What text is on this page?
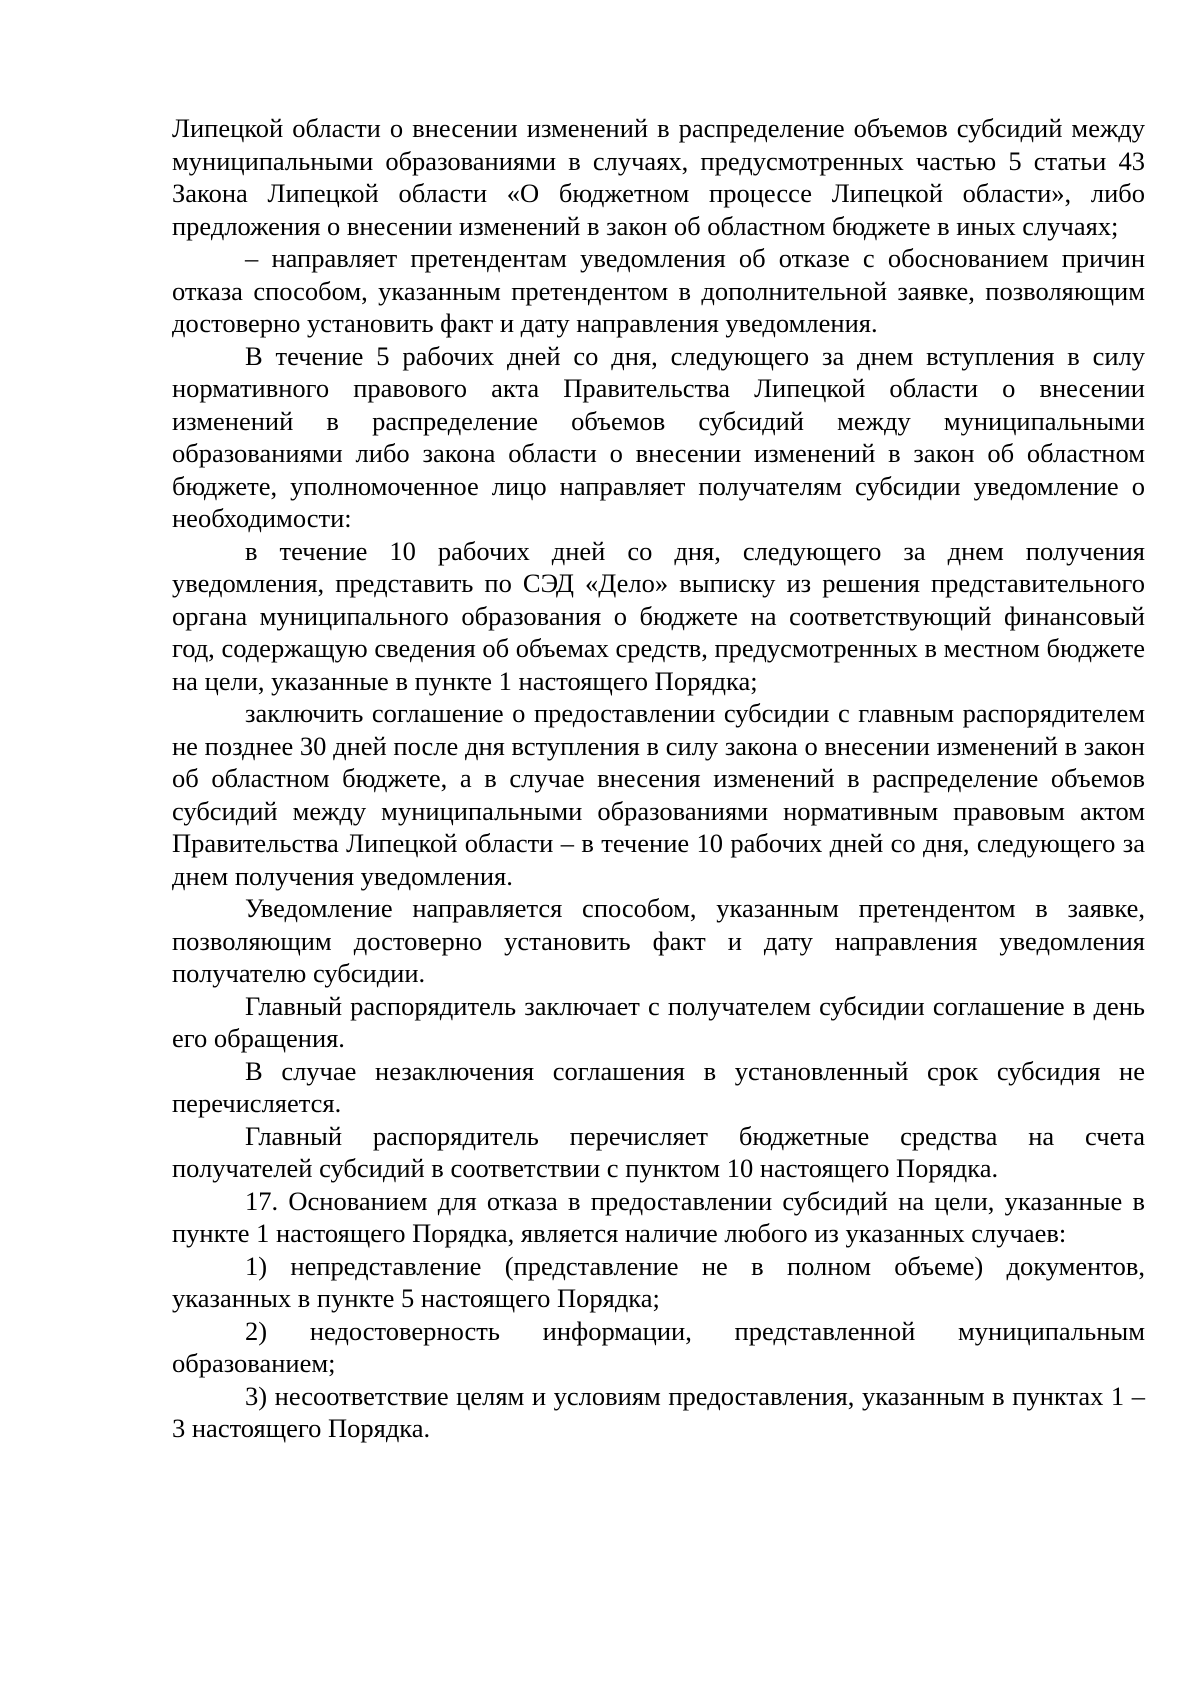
Липецкой области о внесении изменений в распределение объемов субсидий между муниципальными образованиями в случаях, предусмотренных частью 5 статьи 43 Закона Липецкой области «О бюджетном процессе Липецкой области», либо предложения о внесении изменений в закон об областном бюджете в иных случаях;

– направляет претендентам уведомления об отказе с обоснованием причин отказа способом, указанным претендентом в дополнительной заявке, позволяющим достоверно установить факт и дату направления уведомления.

В течение 5 рабочих дней со дня, следующего за днем вступления в силу нормативного правового акта Правительства Липецкой области о внесении изменений в распределение объемов субсидий между муниципальными образованиями либо закона области о внесении изменений в закон об областном бюджете, уполномоченное лицо направляет получателям субсидии уведомление о необходимости:

в течение 10 рабочих дней со дня, следующего за днем получения уведомления, представить по СЭД «Дело» выписку из решения представительного органа муниципального образования о бюджете на соответствующий финансовый год, содержащую сведения об объемах средств, предусмотренных в местном бюджете на цели, указанные в пункте 1 настоящего Порядка;

заключить соглашение о предоставлении субсидии с главным распорядителем не позднее 30 дней после дня вступления в силу закона о внесении изменений в закон об областном бюджете, а в случае внесения изменений в распределение объемов субсидий между муниципальными образованиями нормативным правовым актом Правительства Липецкой области – в течение 10 рабочих дней со дня, следующего за днем получения уведомления.

Уведомление направляется способом, указанным претендентом в заявке, позволяющим достоверно установить факт и дату направления уведомления получателю субсидии.

Главный распорядитель заключает с получателем субсидии соглашение в день его обращения.

В случае незаключения соглашения в установленный срок субсидия не перечисляется.

Главный распорядитель перечисляет бюджетные средства на счета получателей субсидий в соответствии с пунктом 10 настоящего Порядка.

17. Основанием для отказа в предоставлении субсидий на цели, указанные в пункте 1 настоящего Порядка, является наличие любого из указанных случаев:

1) непредставление (представление не в полном объеме) документов, указанных в пункте 5 настоящего Порядка;

2) недостоверность информации, представленной муниципальным образованием;

3) несоответствие целям и условиям предоставления, указанным в пунктах 1 – 3 настоящего Порядка.
